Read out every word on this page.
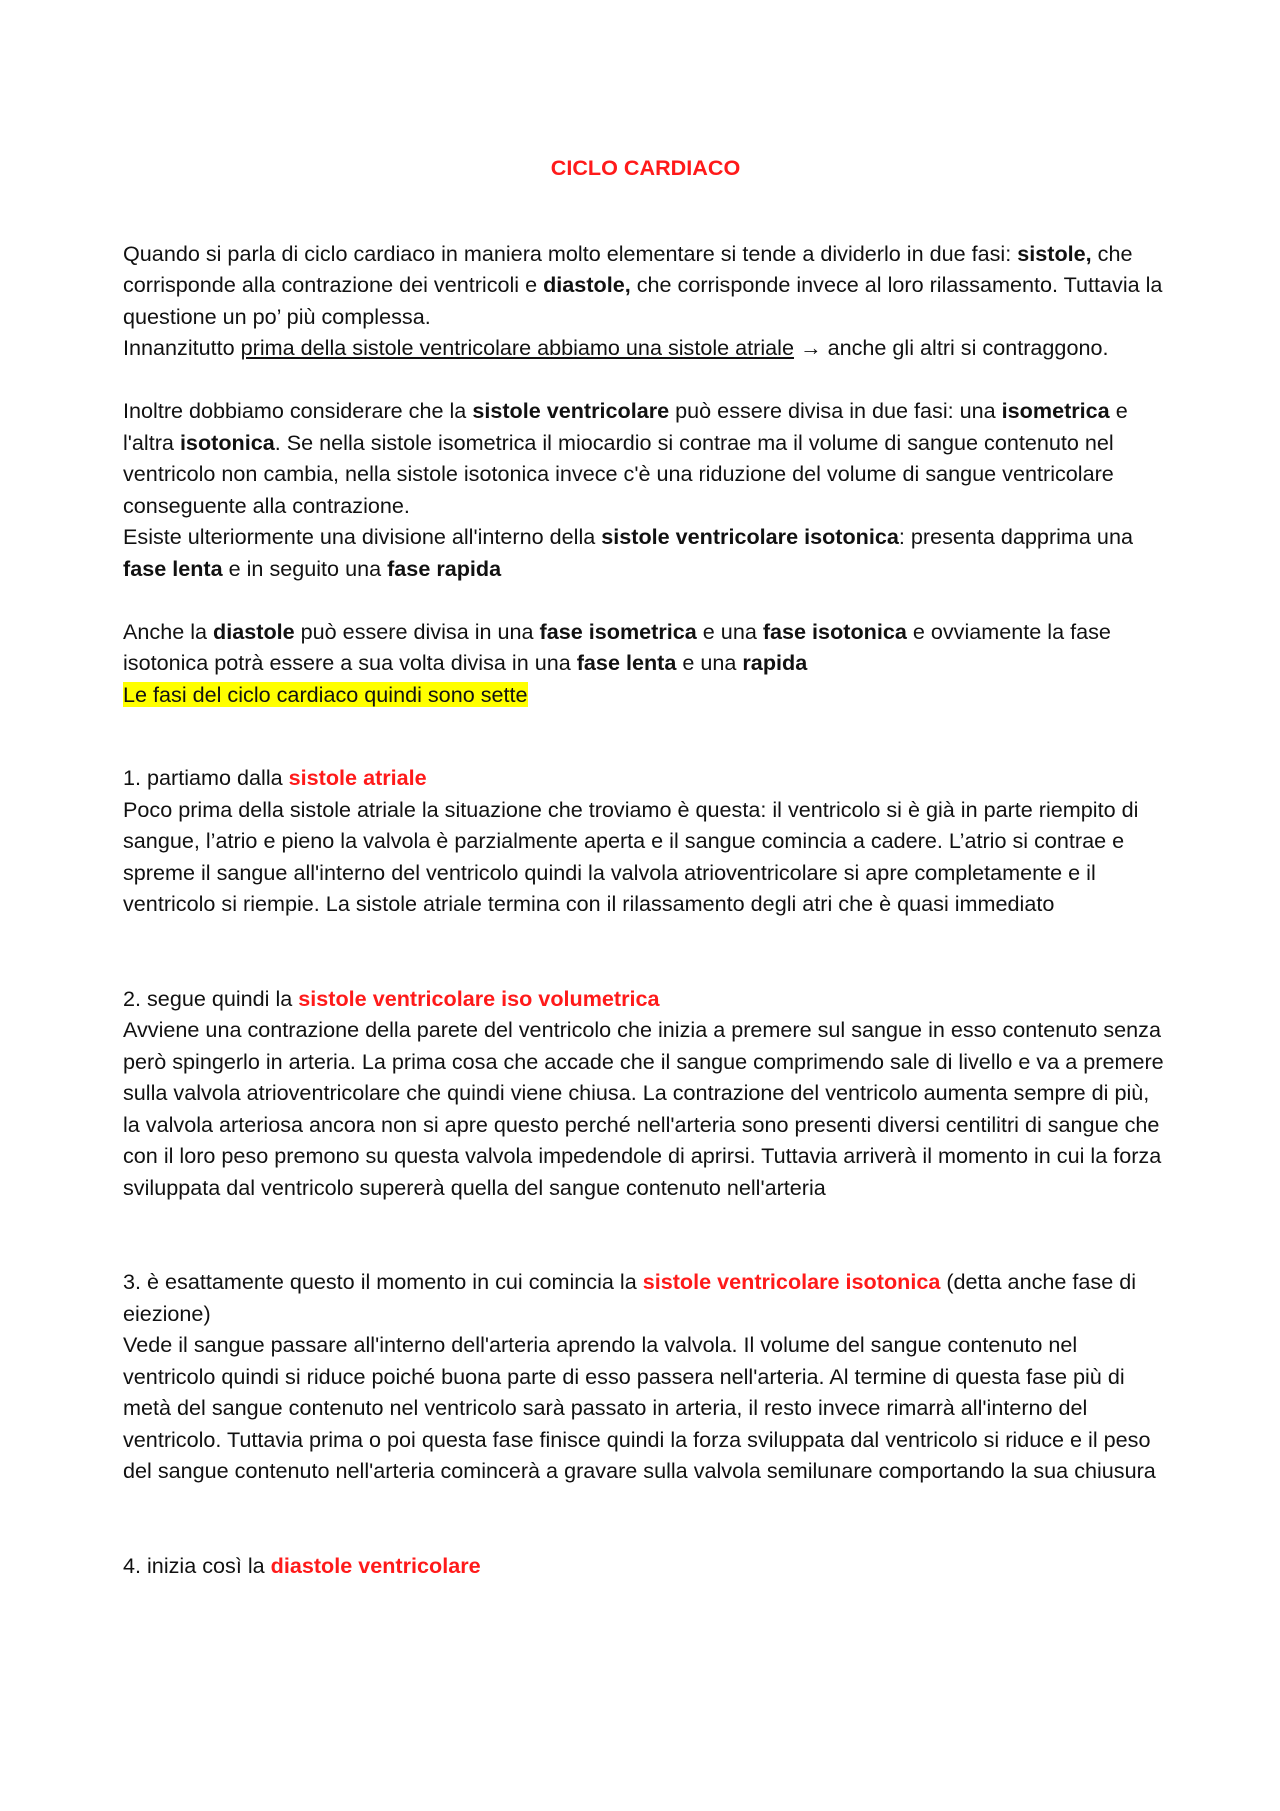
CICLO CARDIACO

Quando si parla di ciclo cardiaco in maniera molto elementare si tende a dividerlo in due fasi: sistole, che corrisponde alla contrazione dei ventricoli e diastole, che corrisponde invece al loro rilassamento. Tuttavia la questione un po’ più complessa.

Innanzitutto prima della sistole ventricolare abbiamo una sistole atriale → anche gli altri si contraggono.

Inoltre dobbiamo considerare che la sistole ventricolare può essere divisa in due fasi: una isometrica e l'altra isotonica. Se nella sistole isometrica il miocardio si contrae ma il volume di sangue contenuto nel ventricolo non cambia, nella sistole isotonica invece c'è una riduzione del volume di sangue ventricolare conseguente alla contrazione.

Esiste ulteriormente una divisione all'interno della sistole ventricolare isotonica: presenta dapprima una fase lenta e in seguito una fase rapida

Anche la diastole può essere divisa in una fase isometrica e una fase isotonica e ovviamente la fase isotonica potrà essere a sua volta divisa in una fase lenta e una rapida

Le fasi del ciclo cardiaco quindi sono sette

1. partiamo dalla sistole atriale

Poco prima della sistole atriale la situazione che troviamo è questa: il ventricolo si è già in parte riempito di sangue, l’atrio e pieno la valvola è parzialmente aperta e il sangue comincia a cadere. L’atrio si contrae e spreme il sangue all'interno del ventricolo quindi la valvola atrioventricolare si apre completamente e il ventricolo si riempie. La sistole atriale termina con il rilassamento degli atri che è quasi immediato

2. segue quindi la sistole ventricolare iso volumetrica

Avviene una contrazione della parete del ventricolo che inizia a premere sul sangue in esso contenuto senza però spingerlo in arteria. La prima cosa che accade che il sangue comprimendo sale di livello e va a premere sulla valvola atrioventricolare che quindi viene chiusa. La contrazione del ventricolo aumenta sempre di più, la valvola arteriosa ancora non si apre questo perché nell'arteria sono presenti diversi centilitri di sangue che con il loro peso premono su questa valvola impedendole di aprirsi. Tuttavia arriverà il momento in cui la forza sviluppata dal ventricolo supererà quella del sangue contenuto nell'arteria

3. è esattamente questo il momento in cui comincia la sistole ventricolare isotonica (detta anche fase di eiezione)

Vede il sangue passare all'interno dell'arteria aprendo la valvola. Il volume del sangue contenuto nel ventricolo quindi si riduce poiché buona parte di esso passera nell'arteria. Al termine di questa fase più di metà del sangue contenuto nel ventricolo sarà passato in arteria, il resto invece rimarrà all'interno del ventricolo. Tuttavia prima o poi questa fase finisce quindi la forza sviluppata dal ventricolo si riduce e il peso del sangue contenuto nell'arteria comincerà a gravare sulla valvola semilunare comportando la sua chiusura

4. inizia così la diastole ventricolare
